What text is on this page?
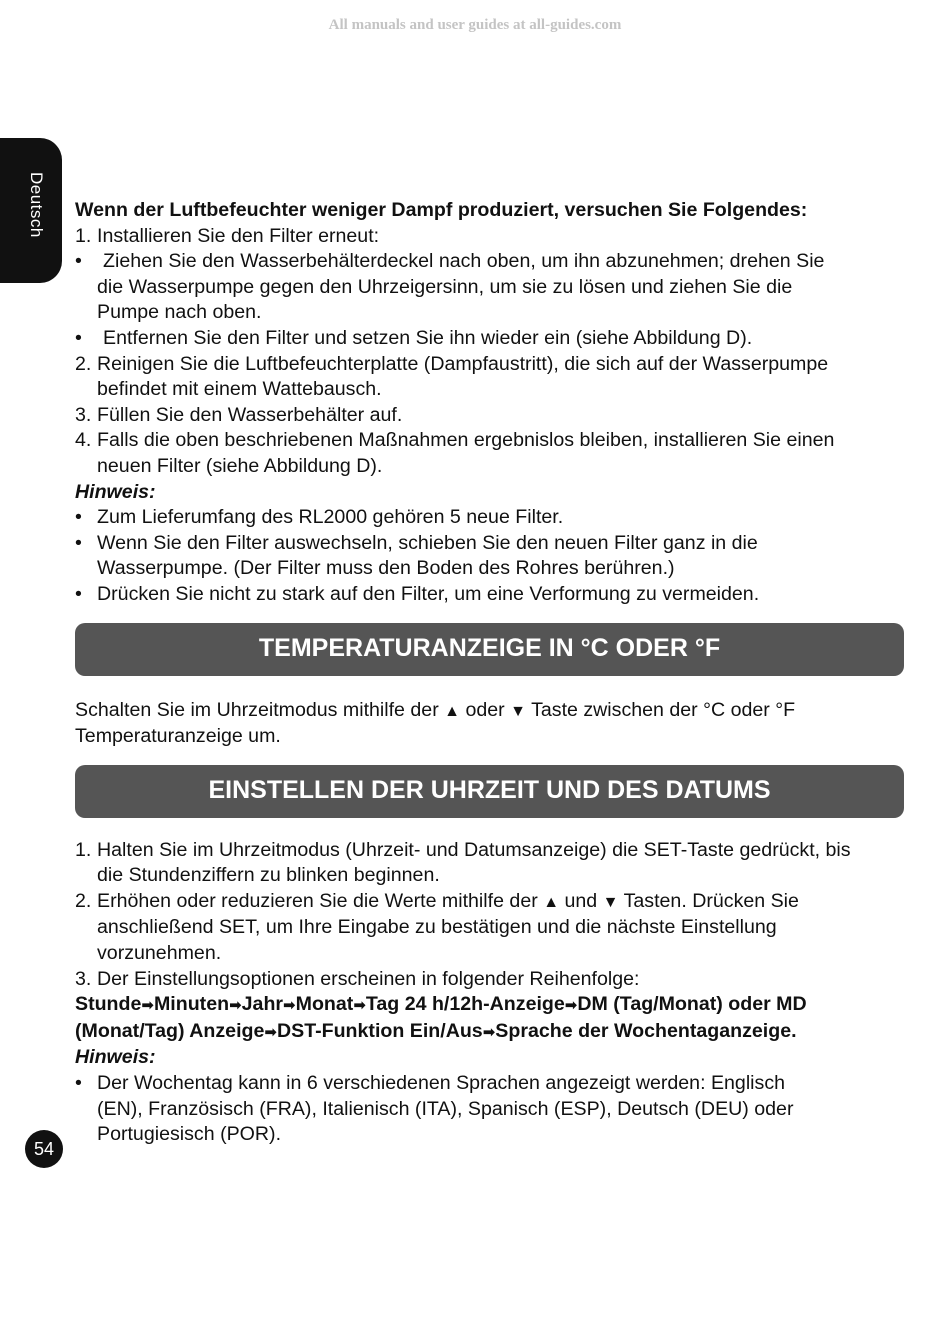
All manuals and user guides at all-guides.com
Deutsch Wenn der Luftbefeuchter weniger Dampf produziert, versuchen Sie Folgendes:
1. Installieren Sie den Filter erneut:
•	Ziehen Sie den Wasserbehälterdeckel nach oben, um ihn abzunehmen; drehen Sie
die Wasserpumpe gegen den Uhrzeigersinn, um sie zu lösen und ziehen Sie die
Pumpe nach oben.
•	Entfernen Sie den Filter und setzen Sie ihn wieder ein (siehe Abbildung D).
2. Reinigen Sie die Luftbefeuchterplatte (Dampfaustritt), die sich auf der Wasserpumpe
befindet mit einem Wattebausch.
3. Füllen Sie den Wasserbehälter auf.
4. Falls die oben beschriebenen Maßnahmen ergebnislos bleiben, installieren Sie einen
neuen Filter (siehe Abbildung D).
Hinweis:
• Zum Lieferumfang des RL2000 gehören 5 neue Filter.
• Wenn Sie den Filter auswechseln, schieben Sie den neuen Filter ganz in die
Wasserpumpe. (Der Filter muss den Boden des Rohres berühren.)
• Drücken Sie nicht zu stark auf den Filter, um eine Verformung zu vermeiden.
TEMPERATURANZEIGE IN °C ODER °F
Schalten Sie im Uhrzeitmodus mithilfe der ▲ oder ▼ Taste zwischen der °C oder °F
Temperaturanzeige um.
EINSTELLEN DER UHRZEIT UND DES DATUMS
1. Halten Sie im Uhrzeitmodus (Uhrzeit- und Datumsanzeige) die SET-Taste gedrückt, bis
die Stundenziffern zu blinken beginnen.
2. Erhöhen oder reduzieren Sie die Werte mithilfe der ▲ und ▼ Tasten. Drücken Sie
anschließend SET, um Ihre Eingabe zu bestätigen und die nächste Einstellung
vorzunehmen.
3. Der Einstellungsoptionen erscheinen in folgender Reihenfolge:
Stunde➡Minuten➡Jahr➡Monat➡Tag 24 h/12h-Anzeige➡DM (Tag/Monat) oder MD
(Monat/Tag) Anzeige➡DST-Funktion Ein/Aus➡Sprache der Wochentaganzeige.
Hinweis:
• Der Wochentag kann in 6 verschiedenen Sprachen angezeigt werden: Englisch
(EN), Französisch (FRA), Italienisch (ITA), Spanisch (ESP), Deutsch (DEU) oder
Portugiesisch (POR).
54
